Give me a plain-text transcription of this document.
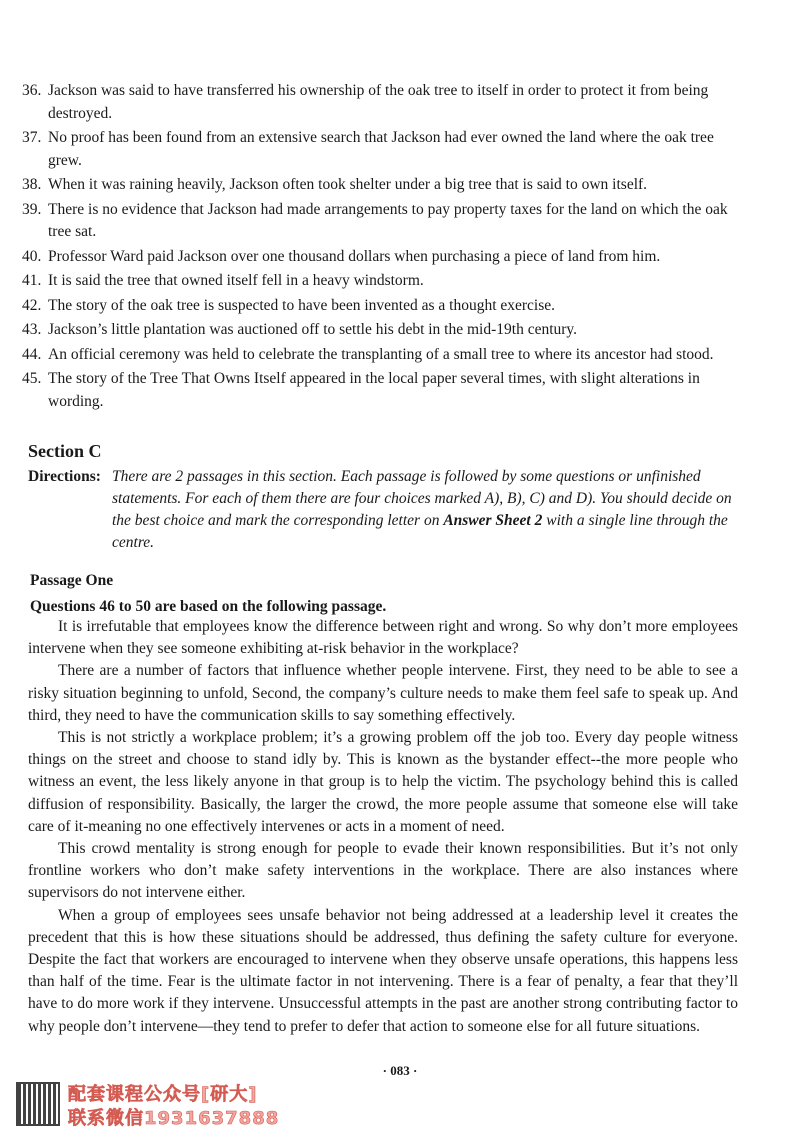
36. Jackson was said to have transferred his ownership of the oak tree to itself in order to protect it from being destroyed.

37. No proof has been found from an extensive search that Jackson had ever owned the land where the oak tree grew.

38. When it was raining heavily, Jackson often took shelter under a big tree that is said to own itself.

39. There is no evidence that Jackson had made arrangements to pay property taxes for the land on which the oak tree sat.

40. Professor Ward paid Jackson over one thousand dollars when purchasing a piece of land from him.

41. It is said the tree that owned itself fell in a heavy windstorm.

42. The story of the oak tree is suspected to have been invented as a thought exercise.

43. Jackson’s little plantation was auctioned off to settle his debt in the mid-19th century.

44. An official ceremony was held to celebrate the transplanting of a small tree to where its ancestor had stood.

45. The story of the Tree That Owns Itself appeared in the local paper several times, with slight alterations in wording.

Section C
Directions: There are 2 passages in this section. Each passage is followed by some questions or unfinished statements. For each of them there are four choices marked A), B), C) and D). You should decide on the best choice and mark the corresponding letter on Answer Sheet 2 with a single line through the centre.
Passage One
Questions 46 to 50 are based on the following passage.

It is irrefutable that employees know the difference between right and wrong. So why don’t more employees intervene when they see someone exhibiting at-risk behavior in the workplace?

There are a number of factors that influence whether people intervene. First, they need to be able to see a risky situation beginning to unfold, Second, the company’s culture needs to make them feel safe to speak up. And third, they need to have the communication skills to say something effectively.

This is not strictly a workplace problem; it’s a growing problem off the job too. Every day people witness things on the street and choose to stand idly by. This is known as the bystander effect--the more people who witness an event, the less likely anyone in that group is to help the victim. The psychology behind this is called diffusion of responsibility. Basically, the larger the crowd, the more people assume that someone else will take care of it-meaning no one effectively intervenes or acts in a moment of need.

This crowd mentality is strong enough for people to evade their known responsibilities. But it’s not only frontline workers who don’t make safety interventions in the workplace. There are also instances where supervisors do not intervene either.

When a group of employees sees unsafe behavior not being addressed at a leadership level it creates the precedent that this is how these situations should be addressed, thus defining the safety culture for everyone. Despite the fact that workers are encouraged to intervene when they observe unsafe operations, this happens less than half of the time. Fear is the ultimate factor in not intervening. There is a fear of penalty, a fear that they’ll have to do more work if they intervene. Unsuccessful attempts in the past are another strong contributing factor to why people don’t intervene—they tend to prefer to defer that action to someone else for all future situations.

· 083 ·
配套课程公众号[研大]
联系微信1931637888
